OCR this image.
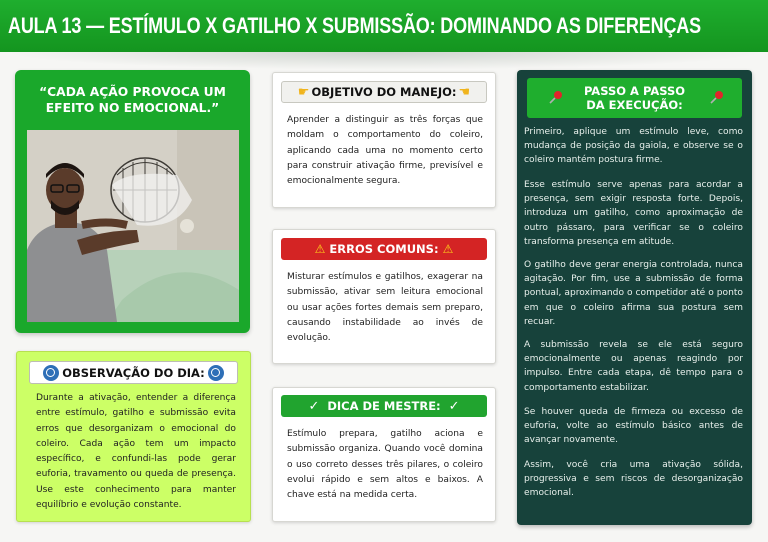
AULA 13 — ESTÍMULO X GATILHO X SUBMISSÃO: DOMINANDO AS DIFERENÇAS
“CADA AÇÃO PROVOCA UM EFEITO NO EMOCIONAL.”
☛ OBJETIVO DO MANEJO: ☚
Aprender a distinguir as três forças que moldam o comportamento do coleiro, aplicando cada uma no momento certo para construir ativação firme, previsível e emocionalmente segura.
⚠ ERROS COMUNS: ⚠
Misturar estímulos e gatilhos, exagerar na submissão, ativar sem leitura emocional ou usar ações fortes demais sem preparo, causando instabilidade ao invés de evolução.
✓ DICA DE MESTRE: ✓
Estímulo prepara, gatilho aciona e submissão organiza. Quando você domina o uso correto desses três pilares, o coleiro evolui rápido e sem altos e baixos. A chave está na medida certa.
OBSERVAÇÃO DO DIA:
Durante a ativação, entender a diferença entre estímulo, gatilho e submissão evita erros que desorganizam o emocional do coleiro. Cada ação tem um impacto específico, e confundi-las pode gerar euforia, travamento ou queda de presença. Use este conhecimento para manter equilíbrio e evolução constante.
PASSO A PASSO
DA EXECUÇÃO:

Primeiro, aplique um estímulo leve, como mudança de posição da gaiola, e observe se o coleiro mantém postura firme.

Esse estímulo serve apenas para acordar a presença, sem exigir resposta forte. Depois, introduza um gatilho, como aproximação de outro pássaro, para verificar se o coleiro transforma presença em atitude.

O gatilho deve gerar energia controlada, nunca agitação. Por fim, use a submissão de forma pontual, aproximando o competidor até o ponto em que o coleiro afirma sua postura sem recuar.

A submissão revela se ele está seguro emocionalmente ou apenas reagindo por impulso. Entre cada etapa, dê tempo para o comportamento estabilizar.

Se houver queda de firmeza ou excesso de euforia, volte ao estímulo básico antes de avançar novamente.

Assim, você cria uma ativação sólida, progressiva e sem riscos de desorganização emocional.
